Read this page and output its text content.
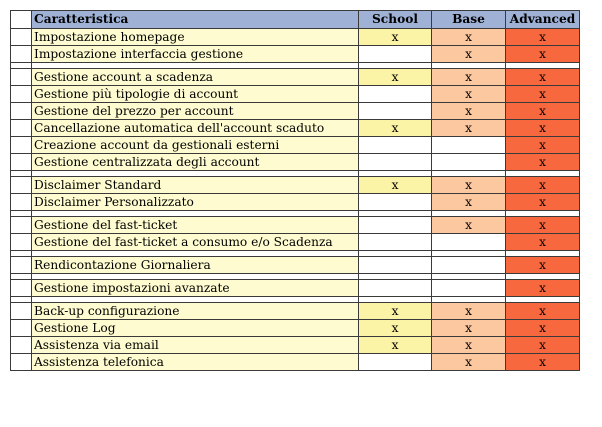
	Caratteristica	School	Base	Advanced
	Impostazione homepage	x	x	x
	Impostazione interfaccia gestione		x	x

	Gestione account a scadenza	x	x	x
	Gestione più tipologie di account		x	x
	Gestione del prezzo per account		x	x
	Cancellazione automatica dell'account scaduto	x	x	x
	Creazione account da gestionali esterni			x
	Gestione centralizzata degli account			x

	Disclaimer Standard	x	x	x
	Disclaimer Personalizzato		x	x

	Gestione del fast-ticket		x	x
	Gestione del fast-ticket a consumo e/o Scadenza			x

	Rendicontazione Giornaliera			x

	Gestione impostazioni avanzate			x

	Back-up configurazione	x	x	x
	Gestione Log	x	x	x
	Assistenza via email	x	x	x
	Assistenza telefonica		x	x
